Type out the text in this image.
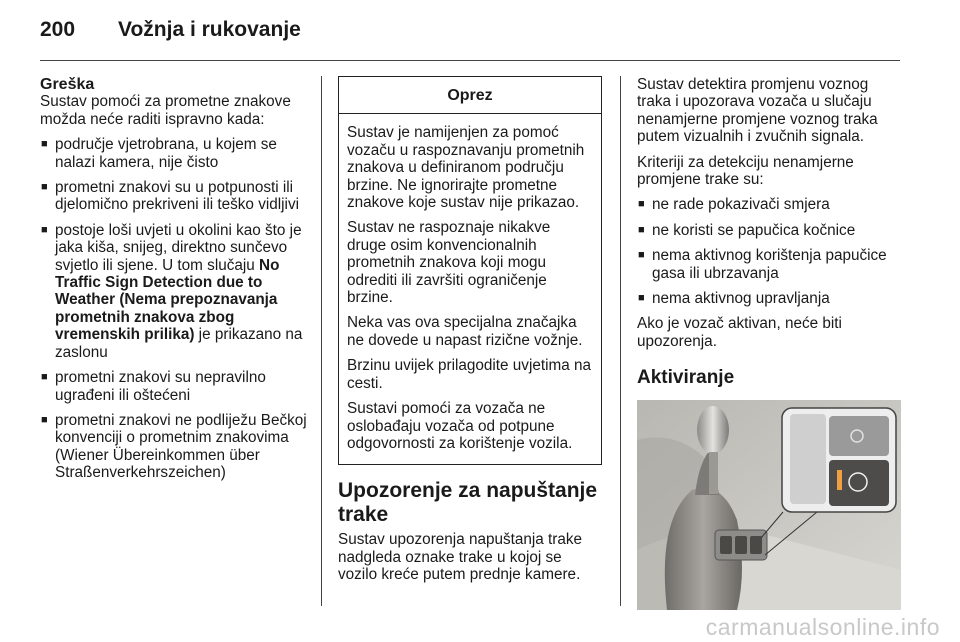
200 Vožnja i rukovanje
Greška

Sustav pomoći za prometne znakove možda neće raditi ispravno kada:

■ područje vjetrobrana, u kojem se nalazi kamera, nije čisto
■ prometni znakovi su u potpunosti ili djelomično prekriveni ili teško vidljivi
■ postoje loši uvjeti u okolini kao što je jaka kiša, snijeg, direktno sunčevo svjetlo ili sjene. U tom slučaju No Traffic Sign Detection due to Weather (Nema prepoznavanja prometnih znakova zbog vremenskih prilika) je prikazano na zaslonu
■ prometni znakovi su nepravilno ugrađeni ili oštećeni
■ prometni znakovi ne podliježu Bečkoj konvenciji o prometnim znakovima (Wiener Übereinkommen über Straßenverkehrszeichen)
Oprez

Sustav je namijenjen za pomoć vozaču u raspoznavanju prometnih znakova u definiranom području brzine. Ne ignorirajte prometne znakove koje sustav nije prikazao.

Sustav ne raspoznaje nikakve druge osim konvencionalnih prometnih znakova koji mogu odrediti ili završiti ograničenje brzine.

Neka vas ova specijalna značajka ne dovede u napast rizične vožnje.

Brzinu uvijek prilagodite uvjetima na cesti.

Sustavi pomoći za vozača ne oslobađaju vozača od potpune odgovornosti za korištenje vozila.

Upozorenje za napuštanje trake

Sustav upozorenja napuštanja trake nadgleda oznake trake u kojoj se vozilo kreće putem prednje kamere.

Sustav detektira promjenu voznog traka i upozorava vozača u slučaju nenamjerne promjene voznog traka putem vizualnih i zvučnih signala.

Kriteriji za detekciju nenamjerne promjene trake su:

■ ne rade pokazivači smjera
■ ne koristi se papučica kočnice
■ nema aktivnog korištenja papučice gasa ili ubrzavanja
■ nema aktivnog upravljanja

Ako je vozač aktivan, neće biti upozorenja.

Aktiviranje
carmanualsonline.info
